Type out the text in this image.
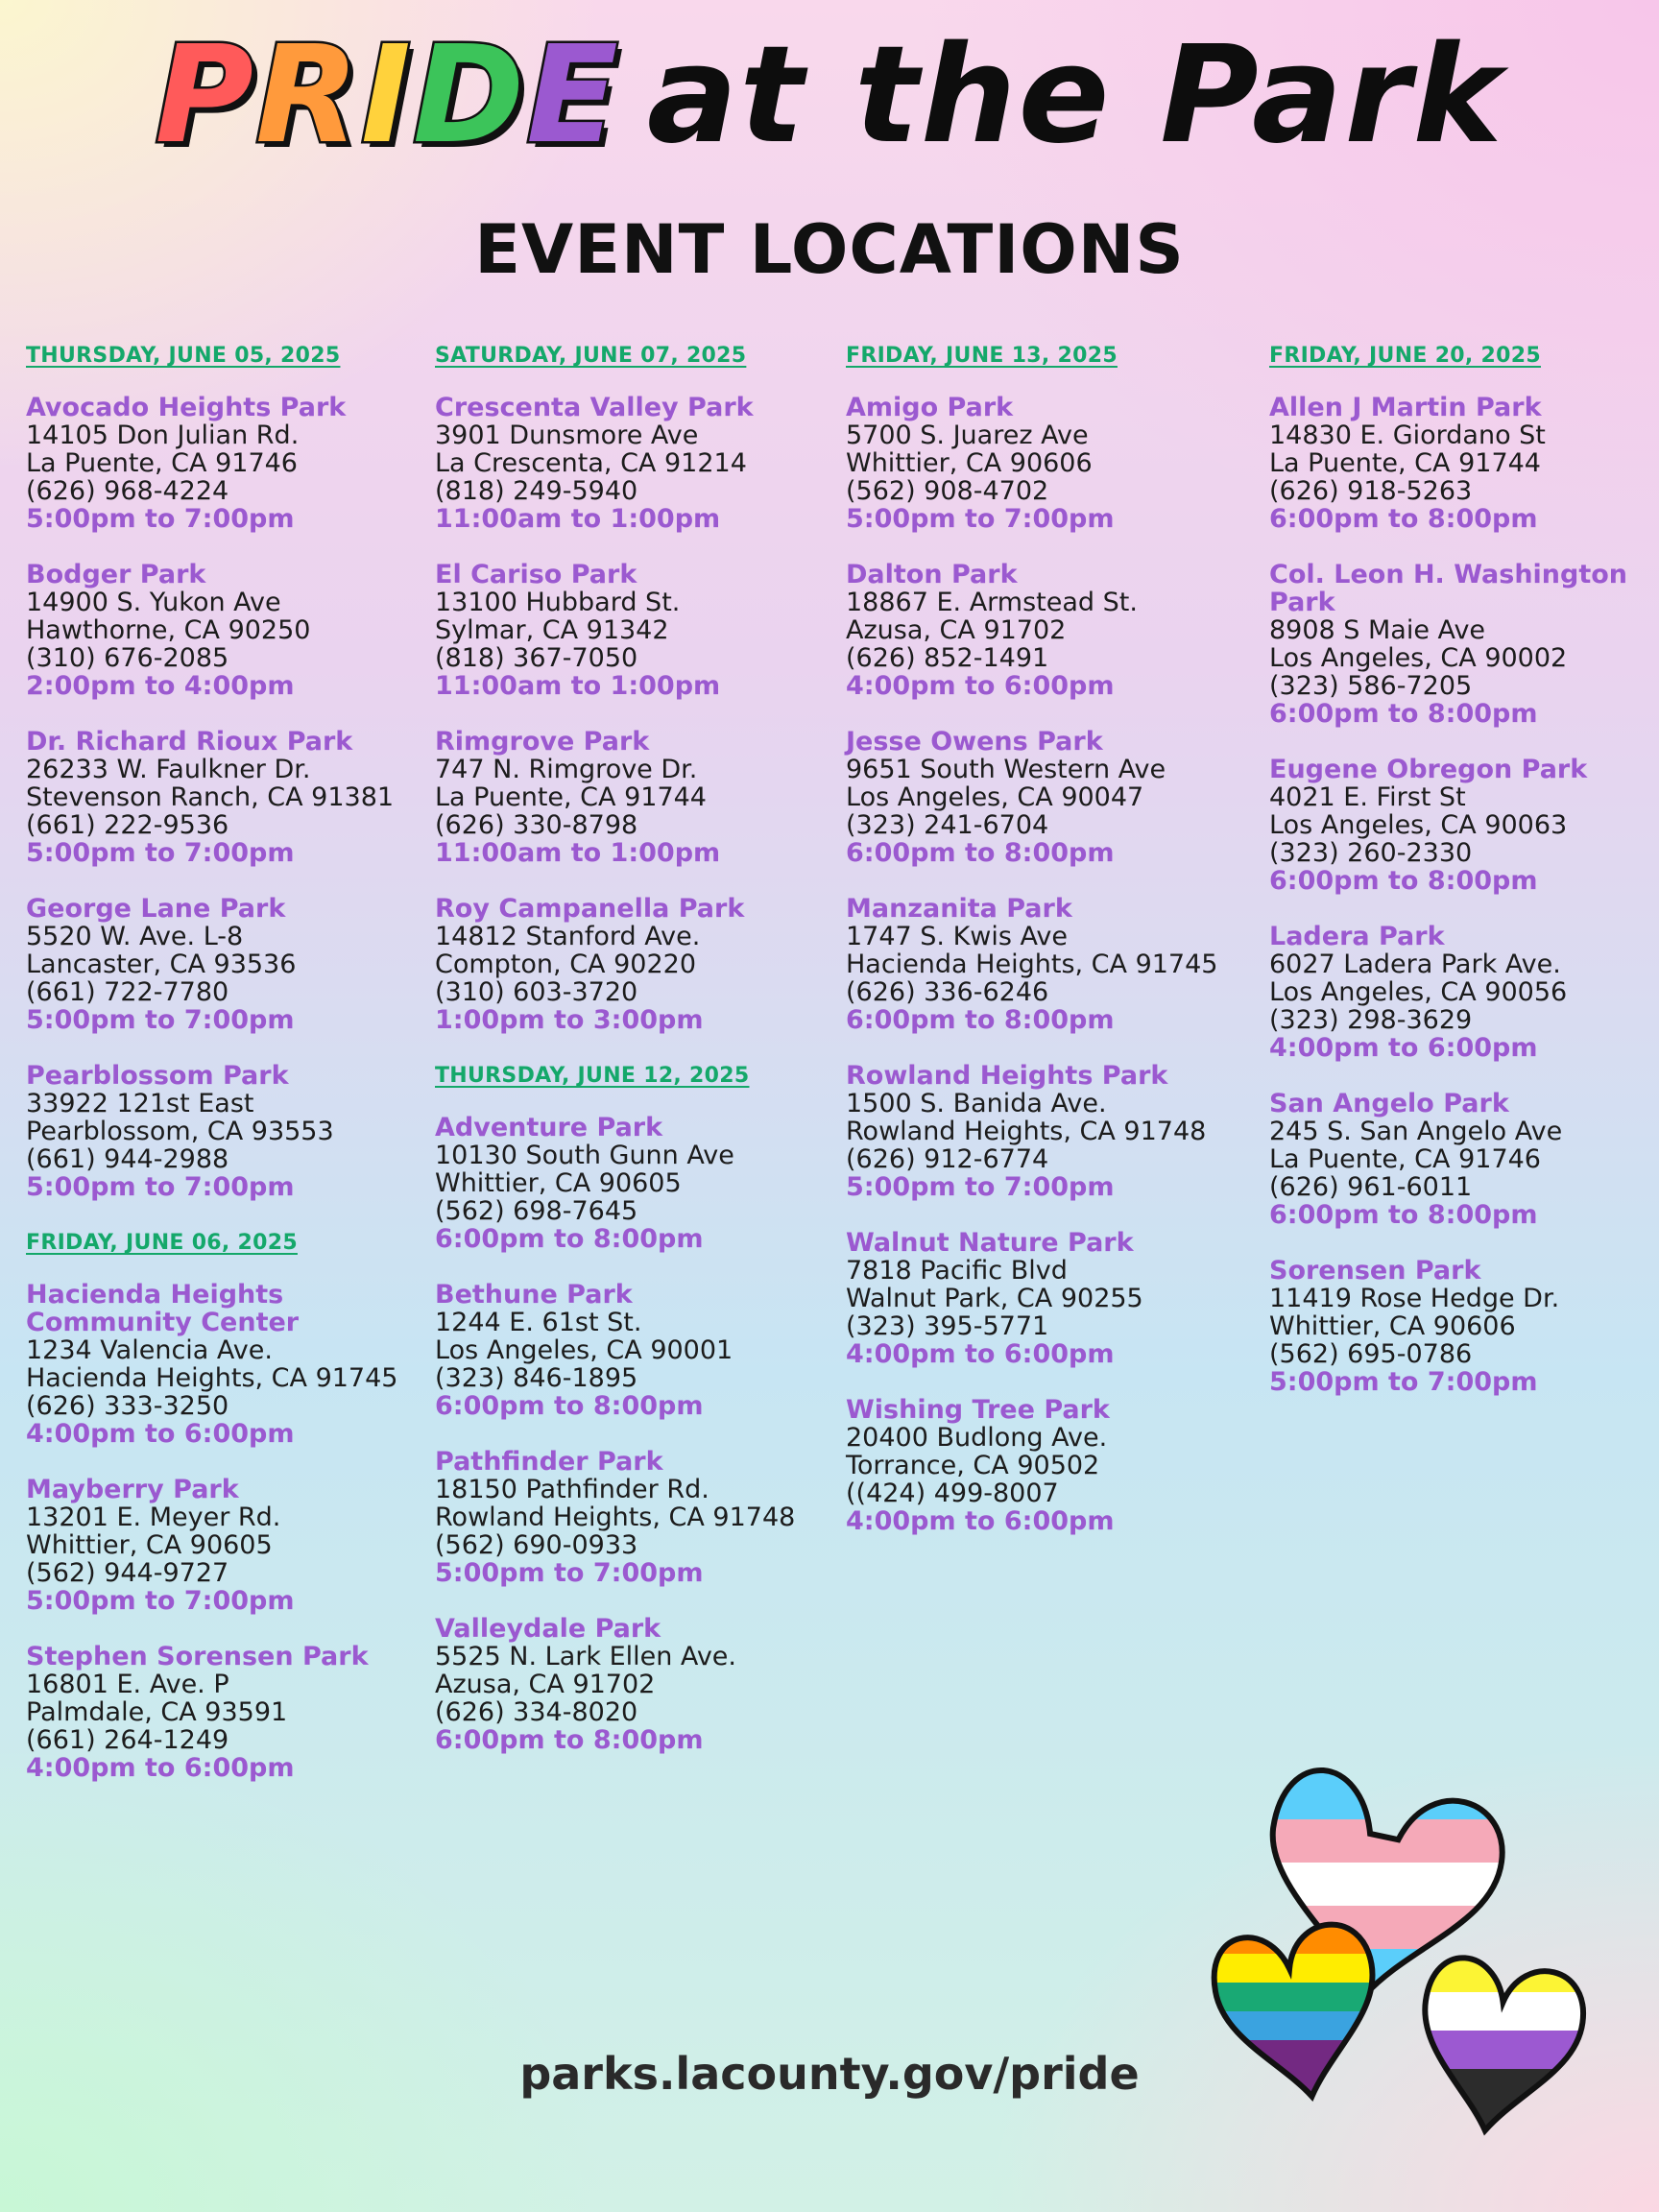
PRIDE at the Park
EVENT LOCATIONS
THURSDAY, JUNE 05, 2025
Avocado Heights Park
14105 Don Julian Rd.
La Puente, CA 91746
(626) 968-4224
5:00pm to 7:00pm
Bodger Park
14900 S. Yukon Ave
Hawthorne, CA 90250
(310) 676-2085
2:00pm to 4:00pm
Dr. Richard Rioux Park
26233 W. Faulkner Dr.
Stevenson Ranch, CA 91381
(661) 222-9536
5:00pm to 7:00pm
George Lane Park
5520 W. Ave. L-8
Lancaster, CA 93536
(661) 722-7780
5:00pm to 7:00pm
Pearblossom Park
33922 121st East
Pearblossom, CA 93553
(661) 944-2988
5:00pm to 7:00pm
FRIDAY, JUNE 06, 2025
Hacienda Heights
Community Center
1234 Valencia Ave.
Hacienda Heights, CA 91745
(626) 333-3250
4:00pm to 6:00pm
Mayberry Park
13201 E. Meyer Rd.
Whittier, CA 90605
(562) 944-9727
5:00pm to 7:00pm
Stephen Sorensen Park
16801 E. Ave. P
Palmdale, CA 93591
(661) 264-1249
4:00pm to 6:00pm
SATURDAY, JUNE 07, 2025
Crescenta Valley Park
3901 Dunsmore Ave
La Crescenta, CA 91214
(818) 249-5940
11:00am to 1:00pm
El Cariso Park
13100 Hubbard St.
Sylmar, CA 91342
(818) 367-7050
11:00am to 1:00pm
Rimgrove Park
747 N. Rimgrove Dr.
La Puente, CA 91744
(626) 330-8798
11:00am to 1:00pm
Roy Campanella Park
14812 Stanford Ave.
Compton, CA 90220
(310) 603-3720
1:00pm to 3:00pm
THURSDAY, JUNE 12, 2025
Adventure Park
10130 South Gunn Ave
Whittier, CA 90605
(562) 698-7645
6:00pm to 8:00pm
Bethune Park
1244 E. 61st St.
Los Angeles, CA 90001
(323) 846-1895
6:00pm to 8:00pm
Pathfinder Park
18150 Pathfinder Rd.
Rowland Heights, CA 91748
(562) 690-0933
5:00pm to 7:00pm
Valleydale Park
5525 N. Lark Ellen Ave.
Azusa, CA 91702
(626) 334-8020
6:00pm to 8:00pm
FRIDAY, JUNE 13, 2025
Amigo Park
5700 S. Juarez Ave
Whittier, CA 90606
(562) 908-4702
5:00pm to 7:00pm
Dalton Park
18867 E. Armstead St.
Azusa, CA 91702
(626) 852-1491
4:00pm to 6:00pm
Jesse Owens Park
9651 South Western Ave
Los Angeles, CA 90047
(323) 241-6704
6:00pm to 8:00pm
Manzanita Park
1747 S. Kwis Ave
Hacienda Heights, CA 91745
(626) 336-6246
6:00pm to 8:00pm
Rowland Heights Park
1500 S. Banida Ave.
Rowland Heights, CA 91748
(626) 912-6774
5:00pm to 7:00pm
Walnut Nature Park
7818 Pacific Blvd
Walnut Park, CA 90255
(323) 395-5771
4:00pm to 6:00pm
Wishing Tree Park
20400 Budlong Ave.
Torrance, CA 90502
((424) 499-8007
4:00pm to 6:00pm
FRIDAY, JUNE 20, 2025
Allen J Martin Park
14830 E. Giordano St
La Puente, CA 91744
(626) 918-5263
6:00pm to 8:00pm
Col. Leon H. Washington
Park
8908 S Maie Ave
Los Angeles, CA 90002
(323) 586-7205
6:00pm to 8:00pm
Eugene Obregon Park
4021 E. First St
Los Angeles, CA 90063
(323) 260-2330
6:00pm to 8:00pm
Ladera Park
6027 Ladera Park Ave.
Los Angeles, CA 90056
(323) 298-3629
4:00pm to 6:00pm
San Angelo Park
245 S. San Angelo Ave
La Puente, CA 91746
(626) 961-6011
6:00pm to 8:00pm
Sorensen Park
11419 Rose Hedge Dr.
Whittier, CA 90606
(562) 695-0786
5:00pm to 7:00pm
parks.lacounty.gov/pride
